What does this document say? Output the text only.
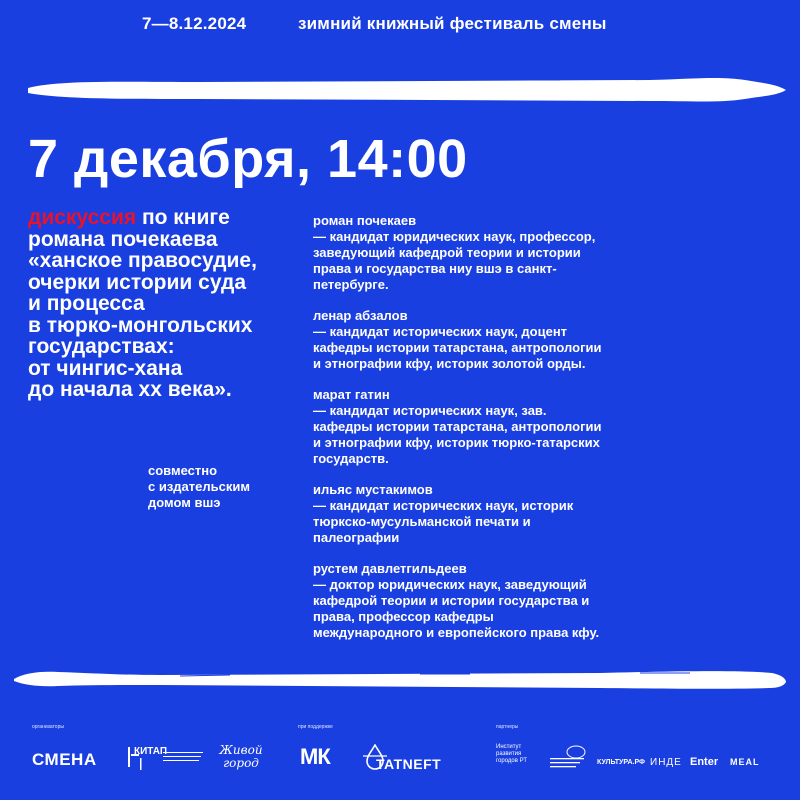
7—8.12.2024	зимний книжный фестиваль смены
7 декабря, 14:00
дискуссия по книге
романа почекаева
«ханское правосудие,
очерки истории суда
и процесса
в тюрко-монгольских
государствах:
от чингис-хана
до начала xx века».
совместно
с издательским
домом вшэ
роман почекаев
— кандидат юридических наук, профессор,
заведующий кафедрой теории и истории
права и государства ниу вшэ в санкт-
петербурге.
ленар абзалов
— кандидат исторических наук, доцент
кафедры истории татарстана, антропологии
и этнографии кфу, историк золотой орды.
марат гатин
— кандидат исторических наук, зав.
кафедры истории татарстана, антропологии
и этнографии кфу, историк тюрко-татарских
государств.
ильяс мустакимов
— кандидат исторических наук, историк
тюркско-мусульманской печати и
палеографии
рустем давлетгильдеев
— доктор юридических наук, заведующий
кафедрой теории и истории государства и
права, профессор кафедры
международного и европейского права кфу.
организаторы	при поддержке	партнеры
СМЕНА	КИТАП	Живой город	МК	TATNEFT
Институт развития городов РТ	КУЛЬТУРА.РФ ИНДЕ Enter МЕАL
